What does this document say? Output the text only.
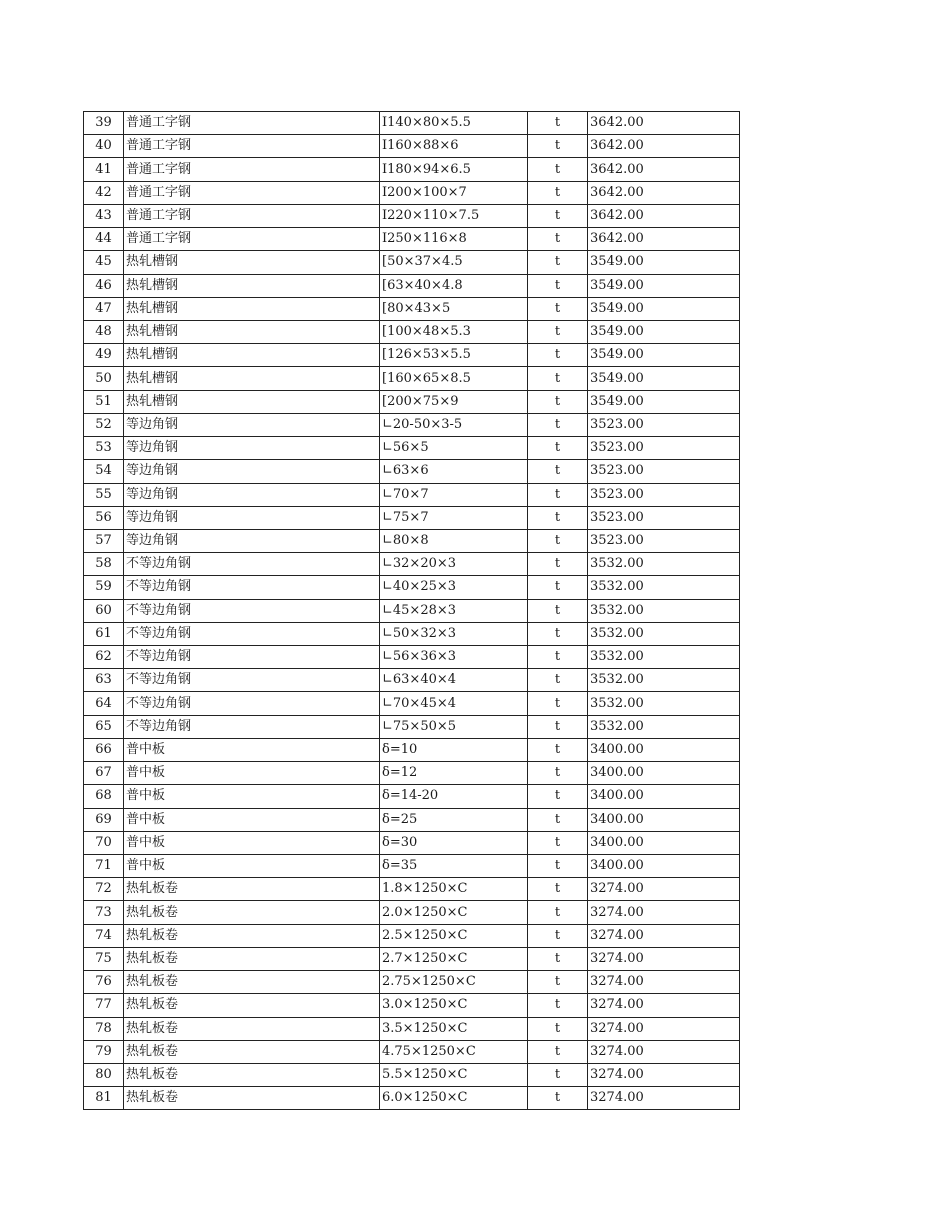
39	普通工字钢	I140×80×5.5	t	3642.00
40	普通工字钢	I160×88×6	t	3642.00
41	普通工字钢	I180×94×6.5	t	3642.00
42	普通工字钢	I200×100×7	t	3642.00
43	普通工字钢	I220×110×7.5	t	3642.00
44	普通工字钢	I250×116×8	t	3642.00
45	热轧槽钢	[50×37×4.5	t	3549.00
46	热轧槽钢	[63×40×4.8	t	3549.00
47	热轧槽钢	[80×43×5	t	3549.00
48	热轧槽钢	[100×48×5.3	t	3549.00
49	热轧槽钢	[126×53×5.5	t	3549.00
50	热轧槽钢	[160×65×8.5	t	3549.00
51	热轧槽钢	[200×75×9	t	3549.00
52	等边角钢	∟20-50×3-5	t	3523.00
53	等边角钢	∟56×5	t	3523.00
54	等边角钢	∟63×6	t	3523.00
55	等边角钢	∟70×7	t	3523.00
56	等边角钢	∟75×7	t	3523.00
57	等边角钢	∟80×8	t	3523.00
58	不等边角钢	∟32×20×3	t	3532.00
59	不等边角钢	∟40×25×3	t	3532.00
60	不等边角钢	∟45×28×3	t	3532.00
61	不等边角钢	∟50×32×3	t	3532.00
62	不等边角钢	∟56×36×3	t	3532.00
63	不等边角钢	∟63×40×4	t	3532.00
64	不等边角钢	∟70×45×4	t	3532.00
65	不等边角钢	∟75×50×5	t	3532.00
66	普中板	δ=10	t	3400.00
67	普中板	δ=12	t	3400.00
68	普中板	δ=14-20	t	3400.00
69	普中板	δ=25	t	3400.00
70	普中板	δ=30	t	3400.00
71	普中板	δ=35	t	3400.00
72	热轧板卷	1.8×1250×C	t	3274.00
73	热轧板卷	2.0×1250×C	t	3274.00
74	热轧板卷	2.5×1250×C	t	3274.00
75	热轧板卷	2.7×1250×C	t	3274.00
76	热轧板卷	2.75×1250×C	t	3274.00
77	热轧板卷	3.0×1250×C	t	3274.00
78	热轧板卷	3.5×1250×C	t	3274.00
79	热轧板卷	4.75×1250×C	t	3274.00
80	热轧板卷	5.5×1250×C	t	3274.00
81	热轧板卷	6.0×1250×C	t	3274.00
